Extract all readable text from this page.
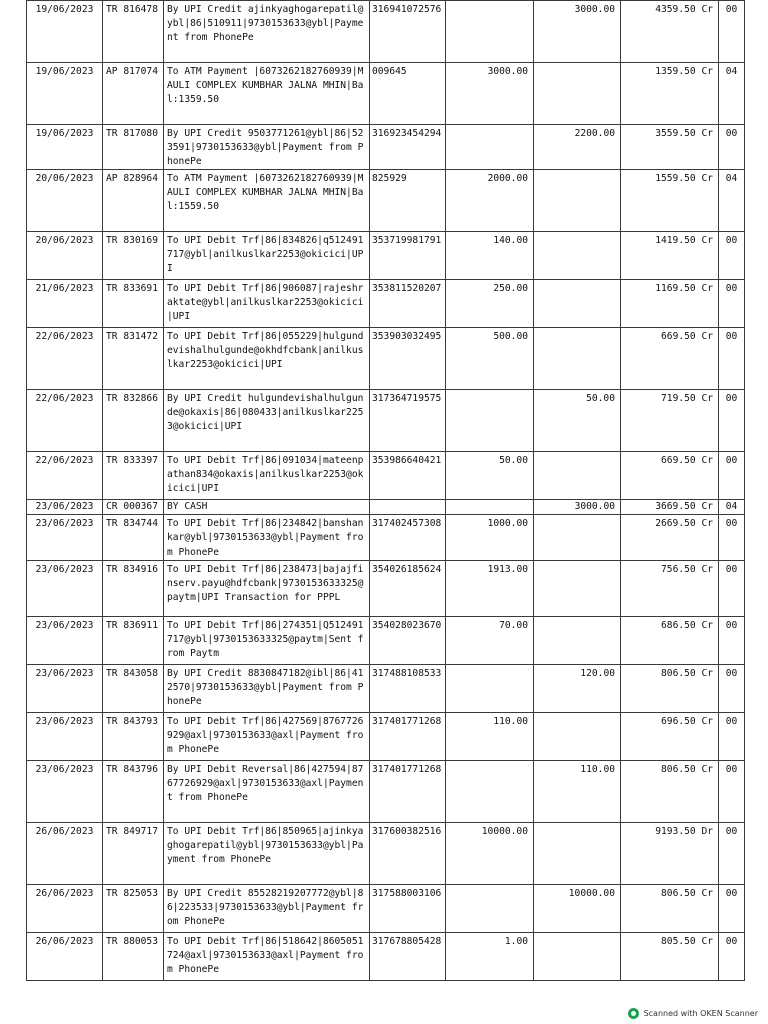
19/06/2023	TR 816478	By UPI Credit ajinkyaghogarepatil@ybl|86|510911|9730153633@ybl|Payment from PhonePe	316941072576		3000.00	4359.50 Cr	00
19/06/2023	AP 817074	To ATM Payment |6073262182760939|MAULI COMPLEX KUMBHAR JALNA MHIN|Bal:1359.50	009645	3000.00		1359.50 Cr	04
19/06/2023	TR 817080	By UPI Credit 9503771261@ybl|86|523591|9730153633@ybl|Payment from PhonePe	316923454294		2200.00	3559.50 Cr	00
20/06/2023	AP 828964	To ATM Payment |6073262182760939|MAULI COMPLEX KUMBHAR JALNA MHIN|Bal:1559.50	825929	2000.00		1559.50 Cr	04
20/06/2023	TR 830169	To UPI Debit Trf|86|834826|q512491717@ybl|anilkuslkar2253@okicici|UPI	353719981791	140.00		1419.50 Cr	00
21/06/2023	TR 833691	To UPI Debit Trf|86|906087|rajeshraktate@ybl|anilkuslkar2253@okicici|UPI	353811520207	250.00		1169.50 Cr	00
22/06/2023	TR 831472	To UPI Debit Trf|86|055229|hulgundevishalhulgunde@okhdfcbank|anilkuslkar2253@okicici|UPI	353903032495	500.00		669.50 Cr	00
22/06/2023	TR 832866	By UPI Credit hulgundevishalhulgunde@okaxis|86|080433|anilkuslkar2253@okicici|UPI	317364719575		50.00	719.50 Cr	00
22/06/2023	TR 833397	To UPI Debit Trf|86|091034|mateenpathan834@okaxis|anilkuslkar2253@okicici|UPI	353986640421	50.00		669.50 Cr	00
23/06/2023	CR 000367	BY CASH			3000.00	3669.50 Cr	04
23/06/2023	TR 834744	To UPI Debit Trf|86|234842|banshankar@ybl|9730153633@ybl|Payment from PhonePe	317402457308	1000.00		2669.50 Cr	00
23/06/2023	TR 834916	To UPI Debit Trf|86|238473|bajajfinserv.payu@hdfcbank|9730153633325@paytm|UPI Transaction for PPPL	354026185624	1913.00		756.50 Cr	00
23/06/2023	TR 836911	To UPI Debit Trf|86|274351|Q512491717@ybl|9730153633325@paytm|Sent from Paytm	354028023670	70.00		686.50 Cr	00
23/06/2023	TR 843058	By UPI Credit 8830847182@ibl|86|412570|9730153633@ybl|Payment from PhonePe	317488108533		120.00	806.50 Cr	00
23/06/2023	TR 843793	To UPI Debit Trf|86|427569|8767726929@axl|9730153633@axl|Payment from PhonePe	317401771268	110.00		696.50 Cr	00
23/06/2023	TR 843796	By UPI Debit Reversal|86|427594|8767726929@axl|9730153633@axl|Payment from PhonePe	317401771268		110.00	806.50 Cr	00
26/06/2023	TR 849717	To UPI Debit Trf|86|850965|ajinkyaghogarepatil@ybl|9730153633@ybl|Payment from PhonePe	317600382516	10000.00		9193.50 Dr	00
26/06/2023	TR 825053	By UPI Credit 85528219207772@ybl|86|223533|9730153633@ybl|Payment from PhonePe	317588003106		10000.00	806.50 Cr	00
26/06/2023	TR 880053	To UPI Debit Trf|86|518642|8605051724@axl|9730153633@axl|Payment from PhonePe	317678805428	1.00		805.50 Cr	00
Scanned with OKEN Scanner
